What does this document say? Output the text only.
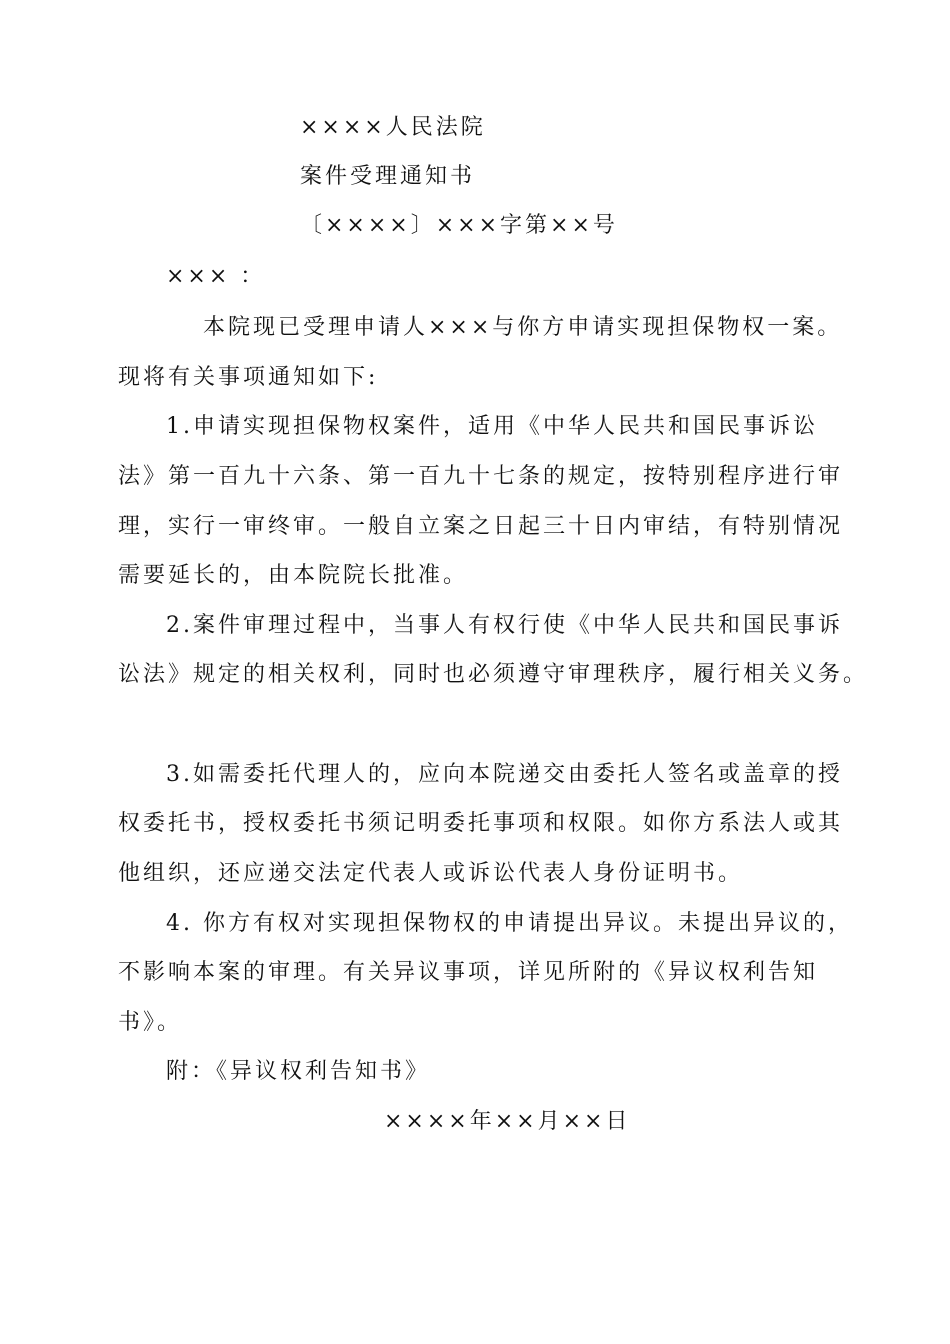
××××人民法院
案件受理通知书
〔××××〕×××字第××号
××× ：
本院现已受理申请人×××与你方申请实现担保物权一案。
现将有关事项通知如下:
1.申请实现担保物权案件，适用《中华人民共和国民事诉讼
法》第一百九十六条、第一百九十七条的规定，按特别程序进行审
理，实行一审终审。一般自立案之日起三十日内审结，有特别情况
需要延长的，由本院院长批准。
2.案件审理过程中，当事人有权行使《中华人民共和国民事诉
讼法》规定的相关权利，同时也必须遵守审理秩序，履行相关义务。
3.如需委托代理人的，应向本院递交由委托人签名或盖章的授
权委托书，授权委托书须记明委托事项和权限。如你方系法人或其
他组织，还应递交法定代表人或诉讼代表人身份证明书。
4. 你方有权对实现担保物权的申请提出异议。未提出异议的，
不影响本案的审理。有关异议事项，详见所附的《异议权利告知
书》。
附：《异议权利告知书》
××××年××月××日
